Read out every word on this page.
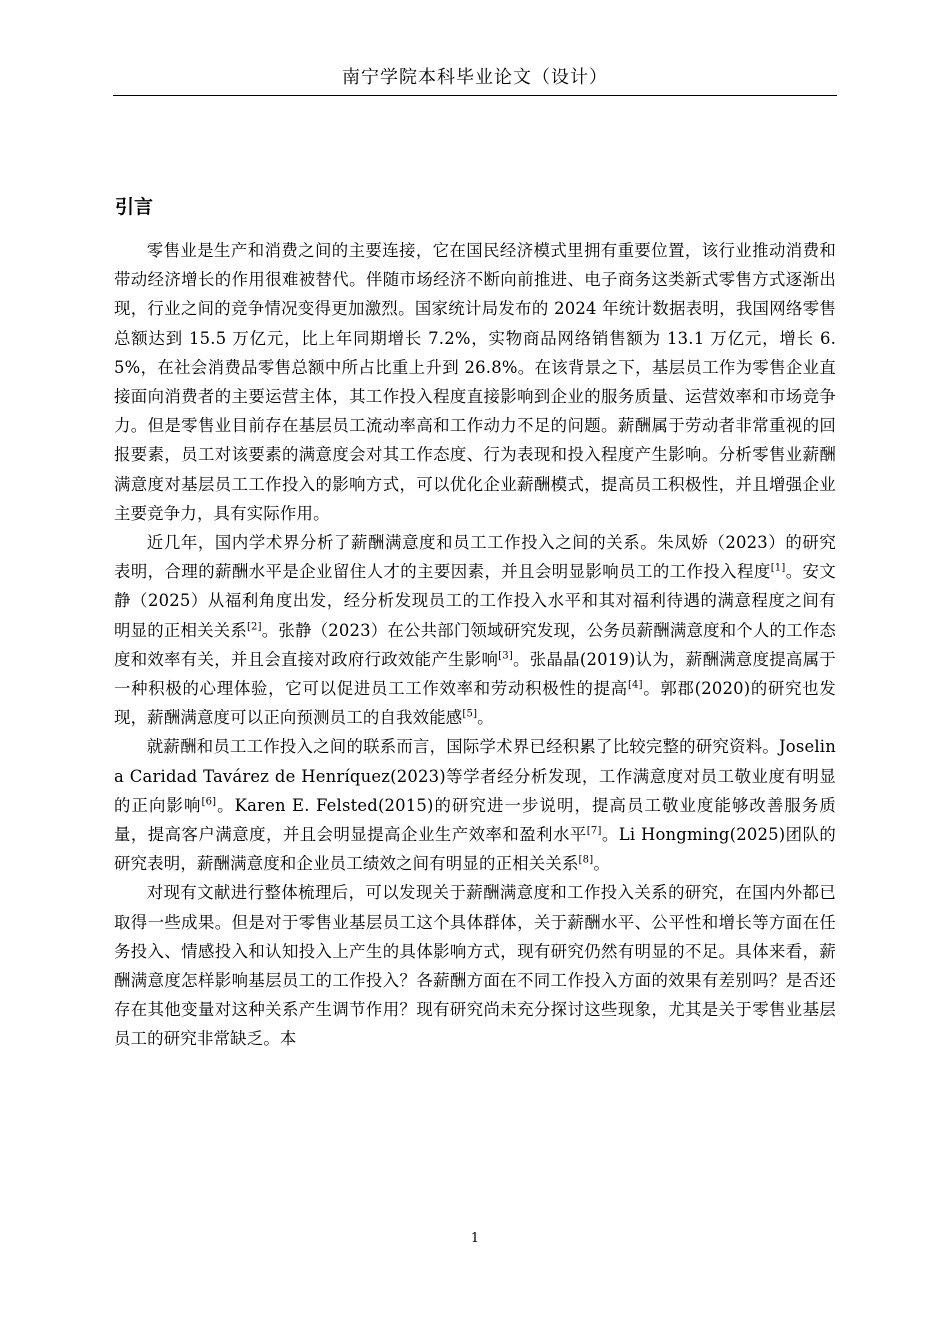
南宁学院本科毕业论文（设计）
引言

零售业是生产和消费之间的主要连接，它在国民经济模式里拥有重要位置，该行业推动消费和带动经济增长的作用很难被替代。伴随市场经济不断向前推进、电子商务这类新式零售方式逐渐出现，行业之间的竞争情况变得更加激烈。国家统计局发布的 2024 年统计数据表明，我国网络零售总额达到 15.5 万亿元，比上年同期增长 7.2%，实物商品网络销售额为 13.1 万亿元，增长 6.5%，在社会消费品零售总额中所占比重上升到 26.8%。在该背景之下，基层员工作为零售企业直接面向消费者的主要运营主体，其工作投入程度直接影响到企业的服务质量、运营效率和市场竞争力。但是零售业目前存在基层员工流动率高和工作动力不足的问题。薪酬属于劳动者非常重视的回报要素，员工对该要素的满意度会对其工作态度、行为表现和投入程度产生影响。分析零售业薪酬满意度对基层员工工作投入的影响方式，可以优化企业薪酬模式，提高员工积极性，并且增强企业主要竞争力，具有实际作用。

近几年，国内学术界分析了薪酬满意度和员工工作投入之间的关系。朱凤娇（2023）的研究表明，合理的薪酬水平是企业留住人才的主要因素，并且会明显影响员工的工作投入程度[1]。安文静（2025）从福利角度出发，经分析发现员工的工作投入水平和其对福利待遇的满意程度之间有明显的正相关关系[2]。张静（2023）在公共部门领域研究发现，公务员薪酬满意度和个人的工作态度和效率有关，并且会直接对政府行政效能产生影响[3]。张晶晶(2019)认为，薪酬满意度提高属于一种积极的心理体验，它可以促进员工工作效率和劳动积极性的提高[4]。郭郡(2020)的研究也发现，薪酬满意度可以正向预测员工的自我效能感[5]。

就薪酬和员工工作投入之间的联系而言，国际学术界已经积累了比较完整的研究资料。Joselina Caridad Tavárez de Henríquez(2023)等学者经分析发现，工作满意度对员工敬业度有明显的正向影响[6]。Karen E. Felsted(2015)的研究进一步说明，提高员工敬业度能够改善服务质量，提高客户满意度，并且会明显提高企业生产效率和盈利水平[7]。Li Hongming(2025)团队的研究表明，薪酬满意度和企业员工绩效之间有明显的正相关关系[8]。

对现有文献进行整体梳理后，可以发现关于薪酬满意度和工作投入关系的研究，在国内外都已取得一些成果。但是对于零售业基层员工这个具体群体，关于薪酬水平、公平性和增长等方面在任务投入、情感投入和认知投入上产生的具体影响方式，现有研究仍然有明显的不足。具体来看，薪酬满意度怎样影响基层员工的工作投入？各薪酬方面在不同工作投入方面的效果有差别吗？是否还存在其他变量对这种关系产生调节作用？现有研究尚未充分探讨这些现象，尤其是关于零售业基层员工的研究非常缺乏。本

1
